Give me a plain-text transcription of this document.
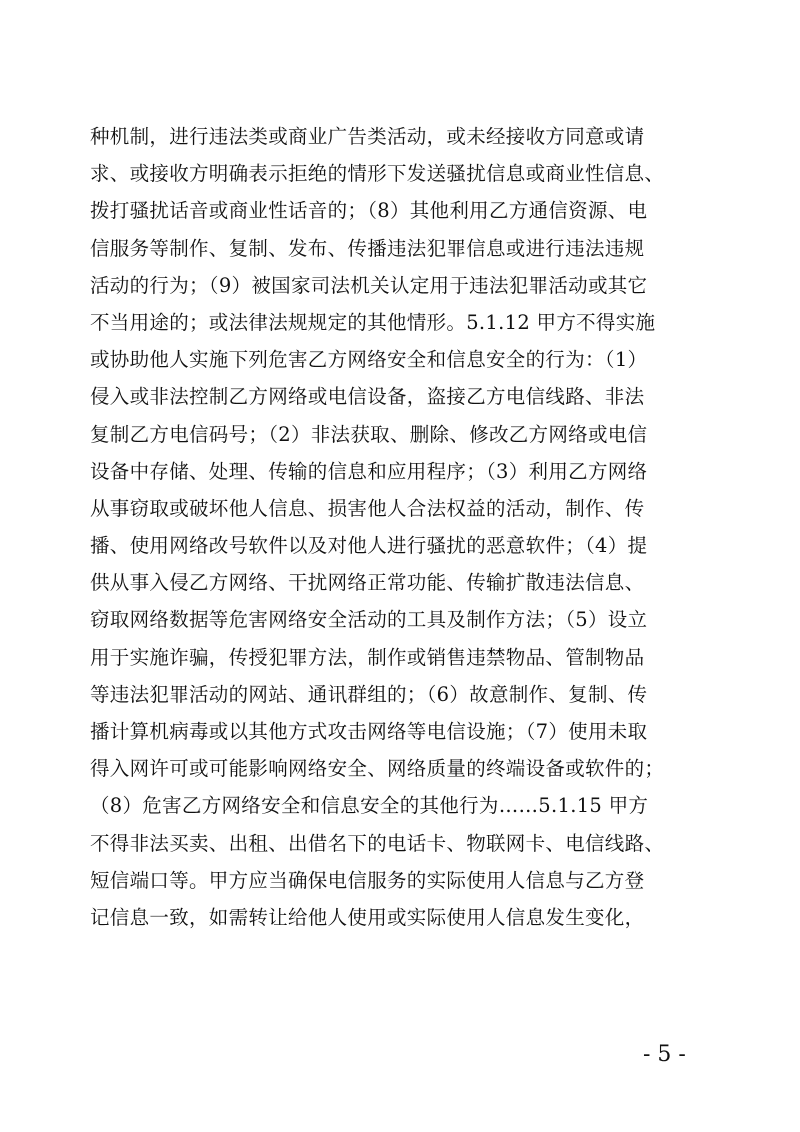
种机制，进行违法类或商业广告类活动，或未经接收方同意或请
求、或接收方明确表示拒绝的情形下发送骚扰信息或商业性信息、
拨打骚扰话音或商业性话音的；（8）其他利用乙方通信资源、电
信服务等制作、复制、发布、传播违法犯罪信息或进行违法违规
活动的行为；（9）被国家司法机关认定用于违法犯罪活动或其它
不当用途的；或法律法规规定的其他情形。5.1.12 甲方不得实施
或协助他人实施下列危害乙方网络安全和信息安全的行为：（1）
侵入或非法控制乙方网络或电信设备，盗接乙方电信线路、非法
复制乙方电信码号；（2）非法获取、删除、修改乙方网络或电信
设备中存储、处理、传输的信息和应用程序；（3）利用乙方网络
从事窃取或破坏他人信息、损害他人合法权益的活动，制作、传
播、使用网络改号软件以及对他人进行骚扰的恶意软件；（4）提
供从事入侵乙方网络、干扰网络正常功能、传输扩散违法信息、
窃取网络数据等危害网络安全活动的工具及制作方法；（5）设立
用于实施诈骗，传授犯罪方法，制作或销售违禁物品、管制物品
等违法犯罪活动的网站、通讯群组的；（6）故意制作、复制、传
播计算机病毒或以其他方式攻击网络等电信设施；（7）使用未取
得入网许可或可能影响网络安全、网络质量的终端设备或软件的；
（8）危害乙方网络安全和信息安全的其他行为……5.1.15 甲方
不得非法买卖、出租、出借名下的电话卡、物联网卡、电信线路、
短信端口等。甲方应当确保电信服务的实际使用人信息与乙方登
记信息一致，如需转让给他人使用或实际使用人信息发生变化，
- 5 -
